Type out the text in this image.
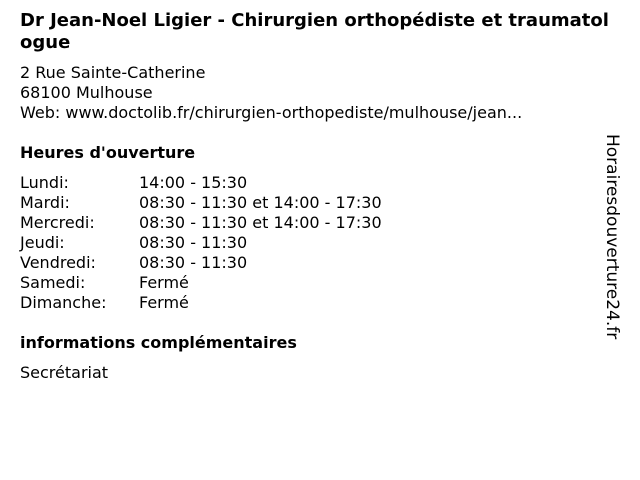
Dr Jean-Noel Ligier - Chirurgien orthopédiste et traumatologue
2 Rue Sainte-Catherine
68100 Mulhouse
Web: www.doctolib.fr/chirurgien-orthopediste/mulhouse/jean...
Heures d'ouverture
Lundi:	14:00 - 15:30
Mardi:	08:30 - 11:30 et 14:00 - 17:30
Mercredi:	08:30 - 11:30 et 14:00 - 17:30
Jeudi:	08:30 - 11:30
Vendredi:	08:30 - 11:30
Samedi:	Fermé
Dimanche:	Fermé
informations complémentaires
Secrétariat
Horairesdouverture24.fr
